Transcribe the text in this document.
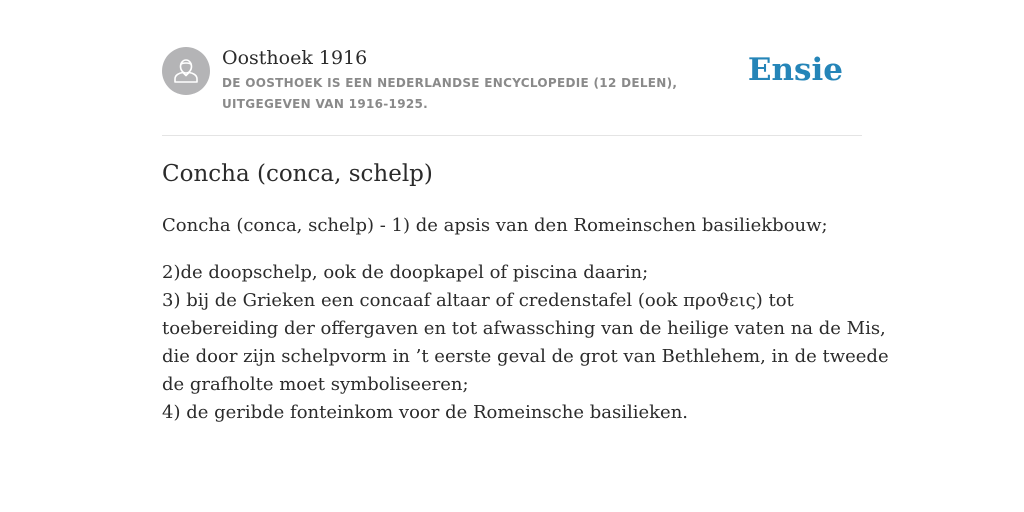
Oosthoek 1916
DE OOSTHOEK IS EEN NEDERLANDSE ENCYCLOPEDIE (12 DELEN), UITGEGEVEN VAN 1916-1925.
Ensie
Concha (conca, schelp)

Concha (conca, schelp) - 1) de apsis van den Romeinschen basiliekbouw;

2)de doopschelp, ook de doopkapel of piscina daarin;
3) bij de Grieken een concaaf altaar of credenstafel (ook προϑεις) tot
toebereiding der offergaven en tot afwassching van de heilige vaten na de Mis,
die door zijn schelpvorm in ’t eerste geval de grot van Bethlehem, in de tweede
de grafholte moet symboliseeren;
4) de geribde fonteinkom voor de Romeinsche basilieken.
